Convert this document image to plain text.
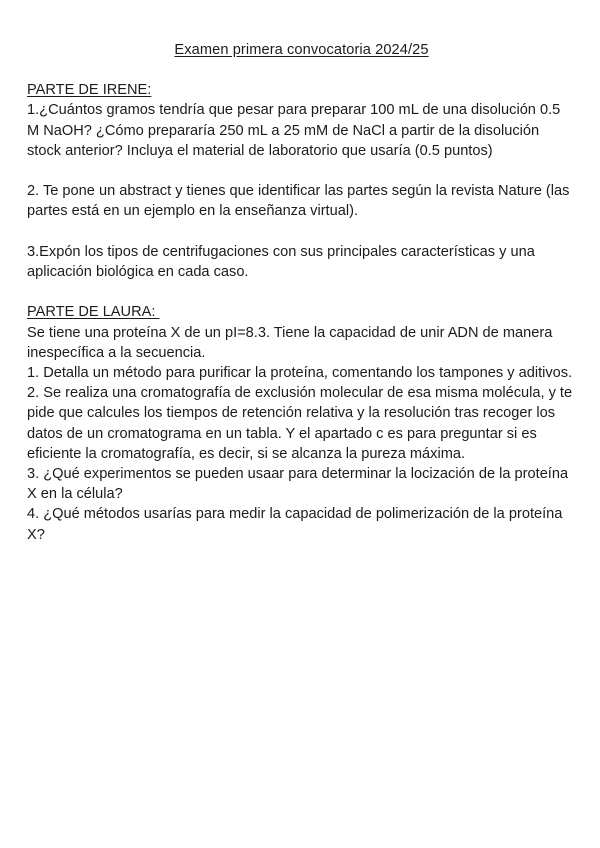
Examen primera convocatoria 2024/25

PARTE DE IRENE:

1.¿Cuántos gramos tendría que pesar para preparar 100 mL de una disolución 0.5 M NaOH? ¿Cómo prepararía 250 mL a 25 mM de NaCl a partir de la disolución stock anterior? Incluya el material de laboratorio que usaría (0.5 puntos)

2. Te pone un abstract y tienes que identificar las partes según la revista Nature (las partes está en un ejemplo en la enseñanza virtual).

3.Expón los tipos de centrifugaciones con sus principales características y una aplicación biológica en cada caso.

PARTE DE LAURA:

Se tiene una proteína X de un pI=8.3. Tiene la capacidad de unir ADN de manera inespecífica a la secuencia.

1. Detalla un método para purificar la proteína, comentando los tampones y aditivos.

2. Se realiza una cromatografía de exclusión molecular de esa misma molécula, y te pide que calcules los tiempos de retención relativa y la resolución tras recoger los datos de un cromatograma en un tabla. Y el apartado c es para preguntar si es eficiente la cromatografía, es decir, si se alcanza la pureza máxima.

3. ¿Qué experimentos se pueden usaar para determinar la locización de la proteína X en la célula?

4. ¿Qué métodos usarías para medir la capacidad de polimerización de la proteína X?
